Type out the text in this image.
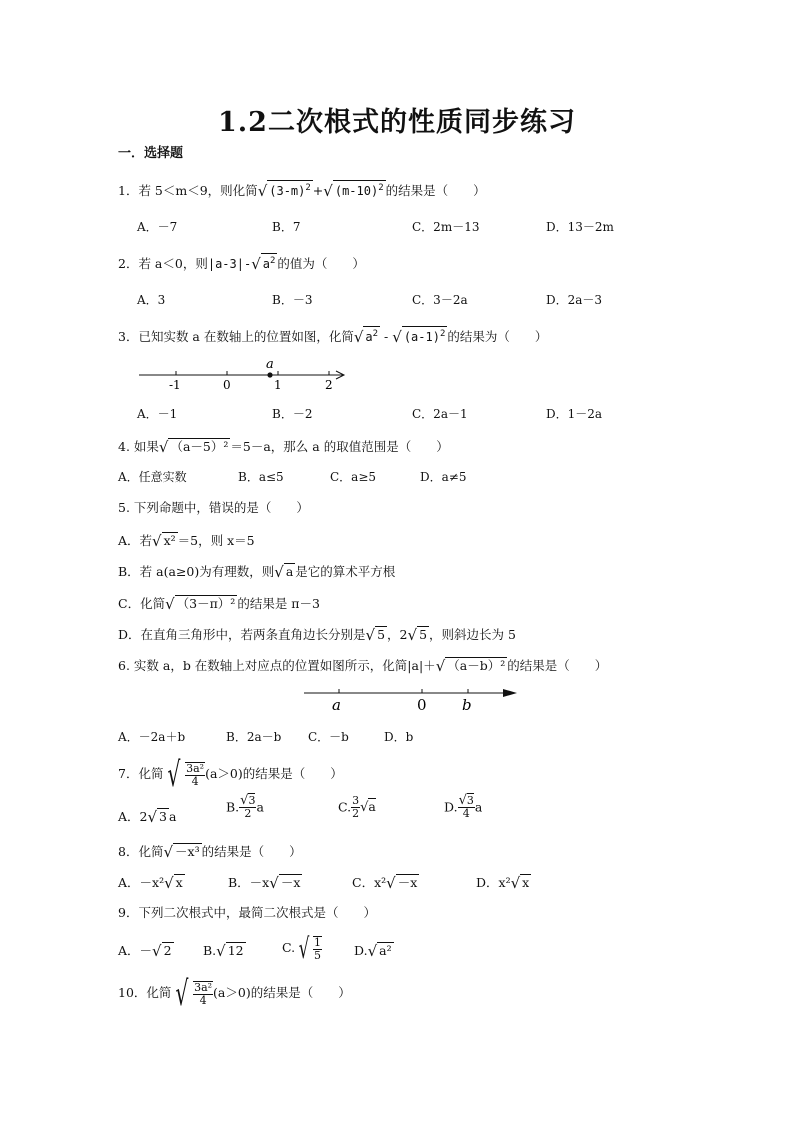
1.2二次根式的性质同步练习
一．选择题
1．若 5＜m＜9，则化简√ $(3-m)^2$ +√ $(m-10)^2$ 的结果是（　　）
A．－7	B．7	C．2m－13	D．13－2m
2．若 a＜0，则|a-3|-√ $a^2$ 的值为（　　）
A．3	B．－3	C．3－2a	D．2a－3
3．已知实数 a 在数轴上的位置如图，化简√ $a^2$ - √ $(a-1)^2$ 的结果为（　　）
a
-1	0	1	2
A．－1	B．－2	C．2a－1	D．1－2a
4. 如果√ （a－5）² ＝5－a，那么 a 的取值范围是（　　）
A．任意实数	B．a≤5	C．a≥5	D．a≠5
5. 下列命题中，错误的是（　　）
A．若√ x² ＝5，则 x＝5
B．若 a(a≥0)为有理数，则√ a 是它的算术平方根
C．化简√ （3－π）² 的结果是 π－3
D．在直角三角形中，若两条直角边长分别是√ 5 ，2√ 5 ，则斜边长为 5
6. 实数 a，b 在数轴上对应点的位置如图所示，化简|a|＋√ （a－b）² 的结果是（　　）
a	0 b
A．－2a＋b	B．2a－b C．－b	D．b
7．化简 √ $\frac{\text{3a²}}{4} (a>0)$的结果是（　　）
A．2√ 3 a
B. $\frac{√3}{2}$ a	C. $\frac{3}{2} √a$	D. $\frac{√3}{4}$ a
8．化简√ －x³ 的结果是（　　）
A．－x²√ x	B．－x√ －x	C．x²√ －x	D．x²√ x
9．下列二次根式中，最简二次根式是（　　）
A．－√ 2	B.√ 12	C. √ $\frac{1}{5}$	D.√ a²
10．化简 √ $\frac{\text{3a²}}{4} (a>0)$的结果是（　　）
